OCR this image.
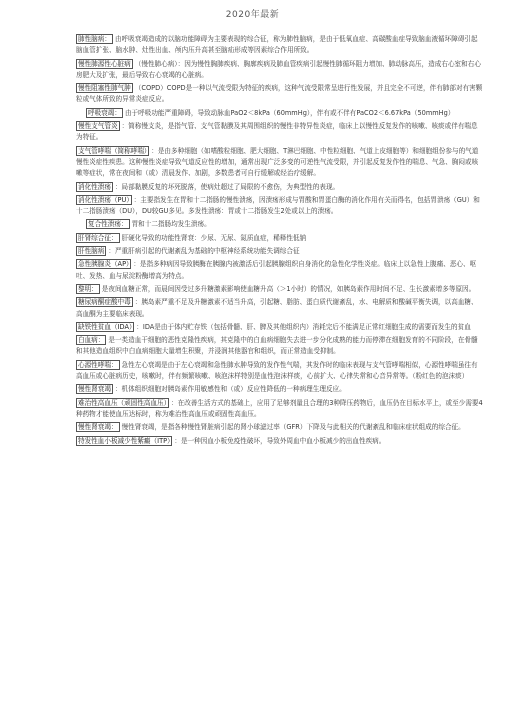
2020年最新
肺性脑病： 由呼吸衰竭造成的以脑功能障碍为主要表现的综合征，称为肺性脑病，是由于低氧血症、高碳酸血症导致脑血液循环障碍引起脑血管扩张、脑水肿、灶性出血、颅内压升高甚至脑疝形成等因素综合作用所致。
慢性肺源性心脏病 （慢性肺心病）：因为慢性胸肺疾病、胸廓疾病及肺血管疾病引起慢性肺循环阻力增加、肺动脉高压，造成右心室和右心房肥大及扩张，最后导致右心衰竭的心脏病。
慢性阻塞性肺气肿 （COPD）COPD是一种以气流受限为特征的疾病，这种气流受限常呈进行性发展，并且完全不可逆，伴有肺部对有害颗粒或气体所致的异常炎症反应。
呼吸衰竭： 由于呼吸功能严重障碍，导致动脉血PaO2＜8kPa（60mmHg），伴有或不伴有PaCO2＜6.67kPa（50mmHg）
慢性支气管炎 ：简称慢支炎，是指气管、支气管黏膜及其周围组织的慢性非特异性炎症，临床上以慢性反复发作的咳嗽、咳痰或伴有喘息为特征。
支气管哮喘（简称哮喘） ：是由多种细胞（如嗜酸粒细胞、肥大细胞、T淋巴细胞、中性粒细胞、气道上皮细胞等）和细胞组份参与的气道慢性炎症性疾患。这种慢性炎症导致气道反应性的增加，通常出现广泛多变的可逆性气流受限，并引起反复发作性的喘息、气急、胸闷或咳嗽等症状，常在夜间和（或）清晨发作、加剧，多数患者可自行缓解或经治疗缓解。
消化性溃疡 ：局部黏膜反复的坏死脱落，使病灶超过了局限的不愈伤，为典型性的表现。
消化性溃疡（PU） ：主要指发生在胃和十二指肠的慢性溃疡，因溃疡形成与胃酸和胃蛋白酶的消化作用有关而得名，包括胃溃疡（GU）和十二指肠溃疡（DU），DU较GU多见。多发性溃疡：胃或十二指肠发生2处或以上的溃疡。
复合性溃疡： 胃和十二指肠均发生溃疡。
肝肾综合征： 肝硬化导致的功能性肾衰：少尿、无尿、氮质血症，稀释性低钠
肝性脑病 ：严重肝病引起的代谢紊乱为基础的中枢神经系统功能失调综合征
急性胰腺炎（AP） ：是指多种病因导致胰酶在胰腺内被激活后引起胰腺组织自身消化的急性化学性炎症。临床上以急性上腹痛、恶心、呕吐、发热、血与尿淀粉酶增高为特点。
黎明： 是夜间血糖正常，而晨间因受过多升糖激素影响使血糖升高（＞1小时）的情况，如胰岛素作用时间不足、生长激素增多等原因。
糖尿病酮症酸中毒 ：胰岛素严重不足及升糖激素不适当升高，引起糖、脂肪、蛋白质代谢紊乱，水、电解质和酸碱平衡失调，以高血糖、高血酮为主要临床表现。
缺铁性贫血（IDA） ：IDA是由于体内贮存铁（包括骨髓、肝、脾及其他组织内）消耗完后不能满足正常红细胞生成的需要而发生的贫血
白血病： 是一类造血干细胞的恶性克隆性疾病，其克隆中的白血病细胞失去进一步分化成熟的能力而停滞在细胞发育的不同阶段，在骨髓和其他造血组织中白血病细胞大量增生积聚，并浸润其他器官和组织，而正常造血受抑制。
心源性哮喘： 急性左心衰竭是由于左心衰竭和急性肺水肿导致的发作性气喘，其发作时的临床表现与支气管哮喘相似，心源性哮喘虽往有高血压或心脏病历史，咳嗽时，伴有频繁咳嗽、咳泡沫样特别是血性泡沫样痰，心前扩大、心律失常和心音异常等。（粉红色的泡沫痰）
慢性肾衰竭 ：机体组织细胞对胰岛素作用敏感性和（或）反应性降低的一种病理生理反应。
难治性高血压（顽固性高血压） ：在改善生活方式的基础上，应用了足够剂量且合理的3种降压药物后，血压仍在目标水平上，或至少需要4种药物才能使血压达标时，称为难治性高血压或顽固性高血压。
慢性肾衰竭： 慢性肾衰竭，是指各种慢性肾脏病引起的肾小球滤过率（GFR）下降及与此相关的代谢紊乱和临床症状组成的综合征。
特发性血小板减少性紫癜（ITP） ：是一种因血小板免疫性破坏，导致外周血中血小板减少的出血性疾病。
